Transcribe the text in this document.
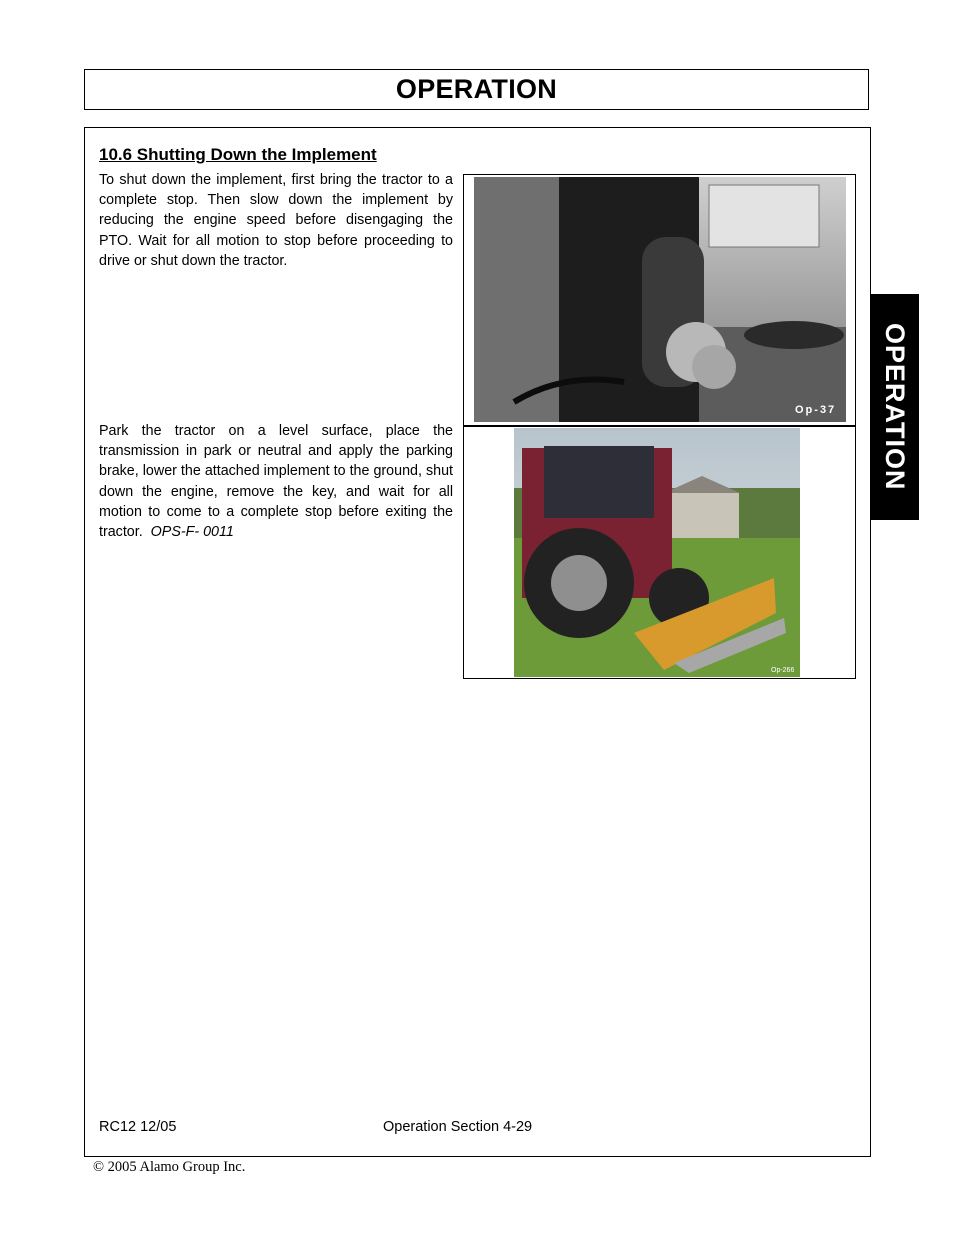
OPERATION
10.6 Shutting Down the Implement
To shut down the implement, first bring the tractor to a complete stop. Then slow down the implement by reducing the engine speed before disengaging the PTO. Wait for all motion to stop before proceeding to drive or shut down the tractor.
Park the tractor on a level surface, place the transmission in park or neutral and apply the parking brake, lower the attached implement to the ground, shut down the engine, remove the key, and wait for all motion to come to a complete stop before exiting the tractor. OPS-F- 0011
Op-37
Op-266
OPERATION
RC12 12/05	Operation Section 4-29
© 2005 Alamo Group Inc.
